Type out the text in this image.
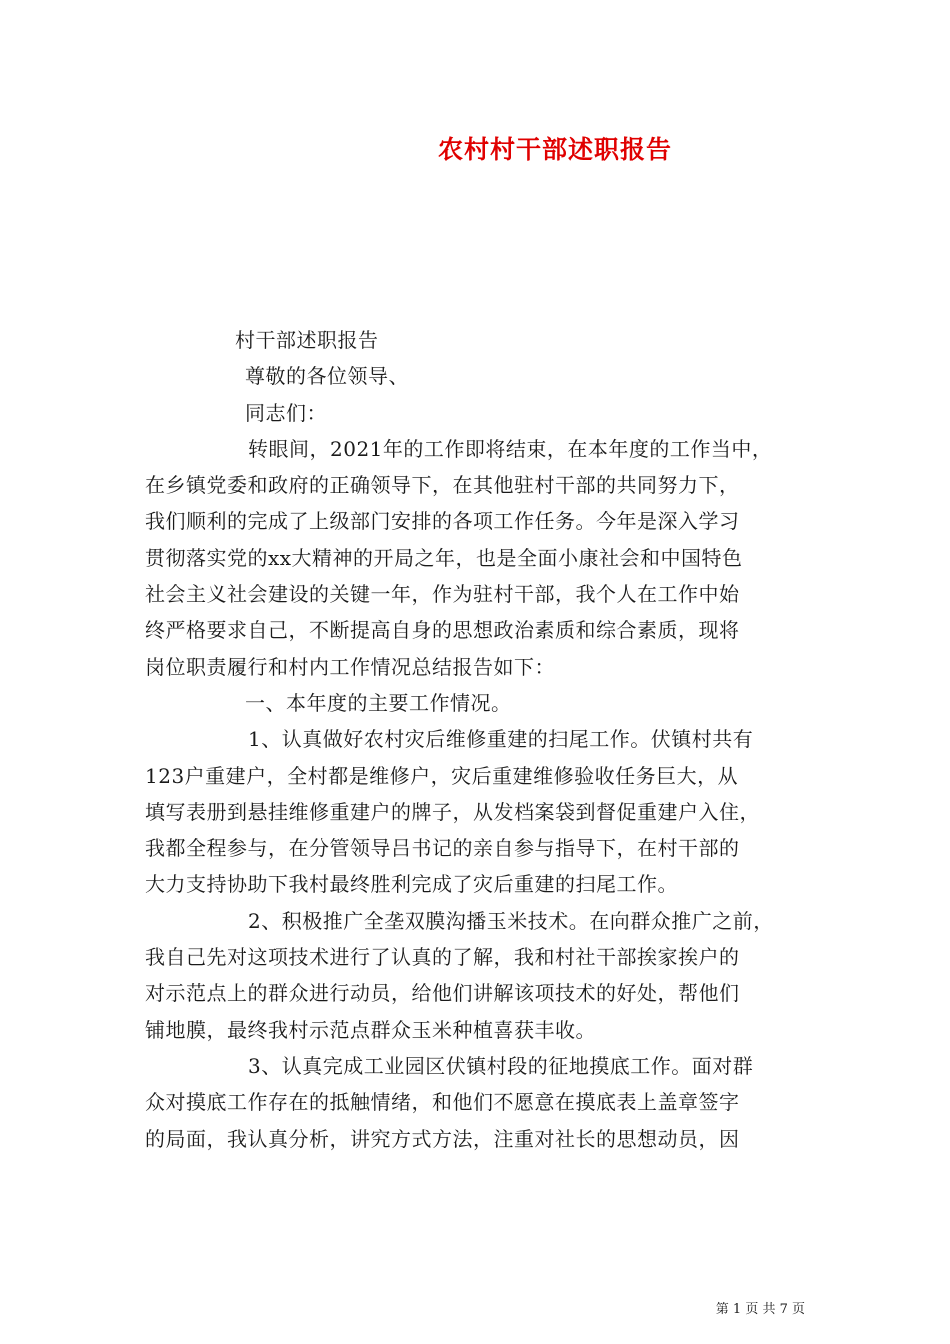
农村村干部述职报告
村干部述职报告
尊敬的各位领导、
同志们：
转眼间，2021年的工作即将结束，在本年度的工作当中，
在乡镇党委和政府的正确领导下，在其他驻村干部的共同努力下，
我们顺利的完成了上级部门安排的各项工作任务。今年是深入学习
贯彻落实党的xx大精神的开局之年，也是全面小康社会和中国特色
社会主义社会建设的关键一年，作为驻村干部，我个人在工作中始
终严格要求自己，不断提高自身的思想政治素质和综合素质，现将
岗位职责履行和村内工作情况总结报告如下：
一、本年度的主要工作情况。
1、认真做好农村灾后维修重建的扫尾工作。伏镇村共有
123户重建户，全村都是维修户，灾后重建维修验收任务巨大，从
填写表册到悬挂维修重建户的牌子，从发档案袋到督促重建户入住，
我都全程参与，在分管领导吕书记的亲自参与指导下，在村干部的
大力支持协助下我村最终胜利完成了灾后重建的扫尾工作。
2、积极推广全垄双膜沟播玉米技术。在向群众推广之前，
我自己先对这项技术进行了认真的了解，我和村社干部挨家挨户的
对示范点上的群众进行动员，给他们讲解该项技术的好处，帮他们
铺地膜，最终我村示范点群众玉米种植喜获丰收。
3、认真完成工业园区伏镇村段的征地摸底工作。面对群
众对摸底工作存在的抵触情绪，和他们不愿意在摸底表上盖章签字
的局面，我认真分析，讲究方式方法，注重对社长的思想动员，因
第 1 页 共 7 页
